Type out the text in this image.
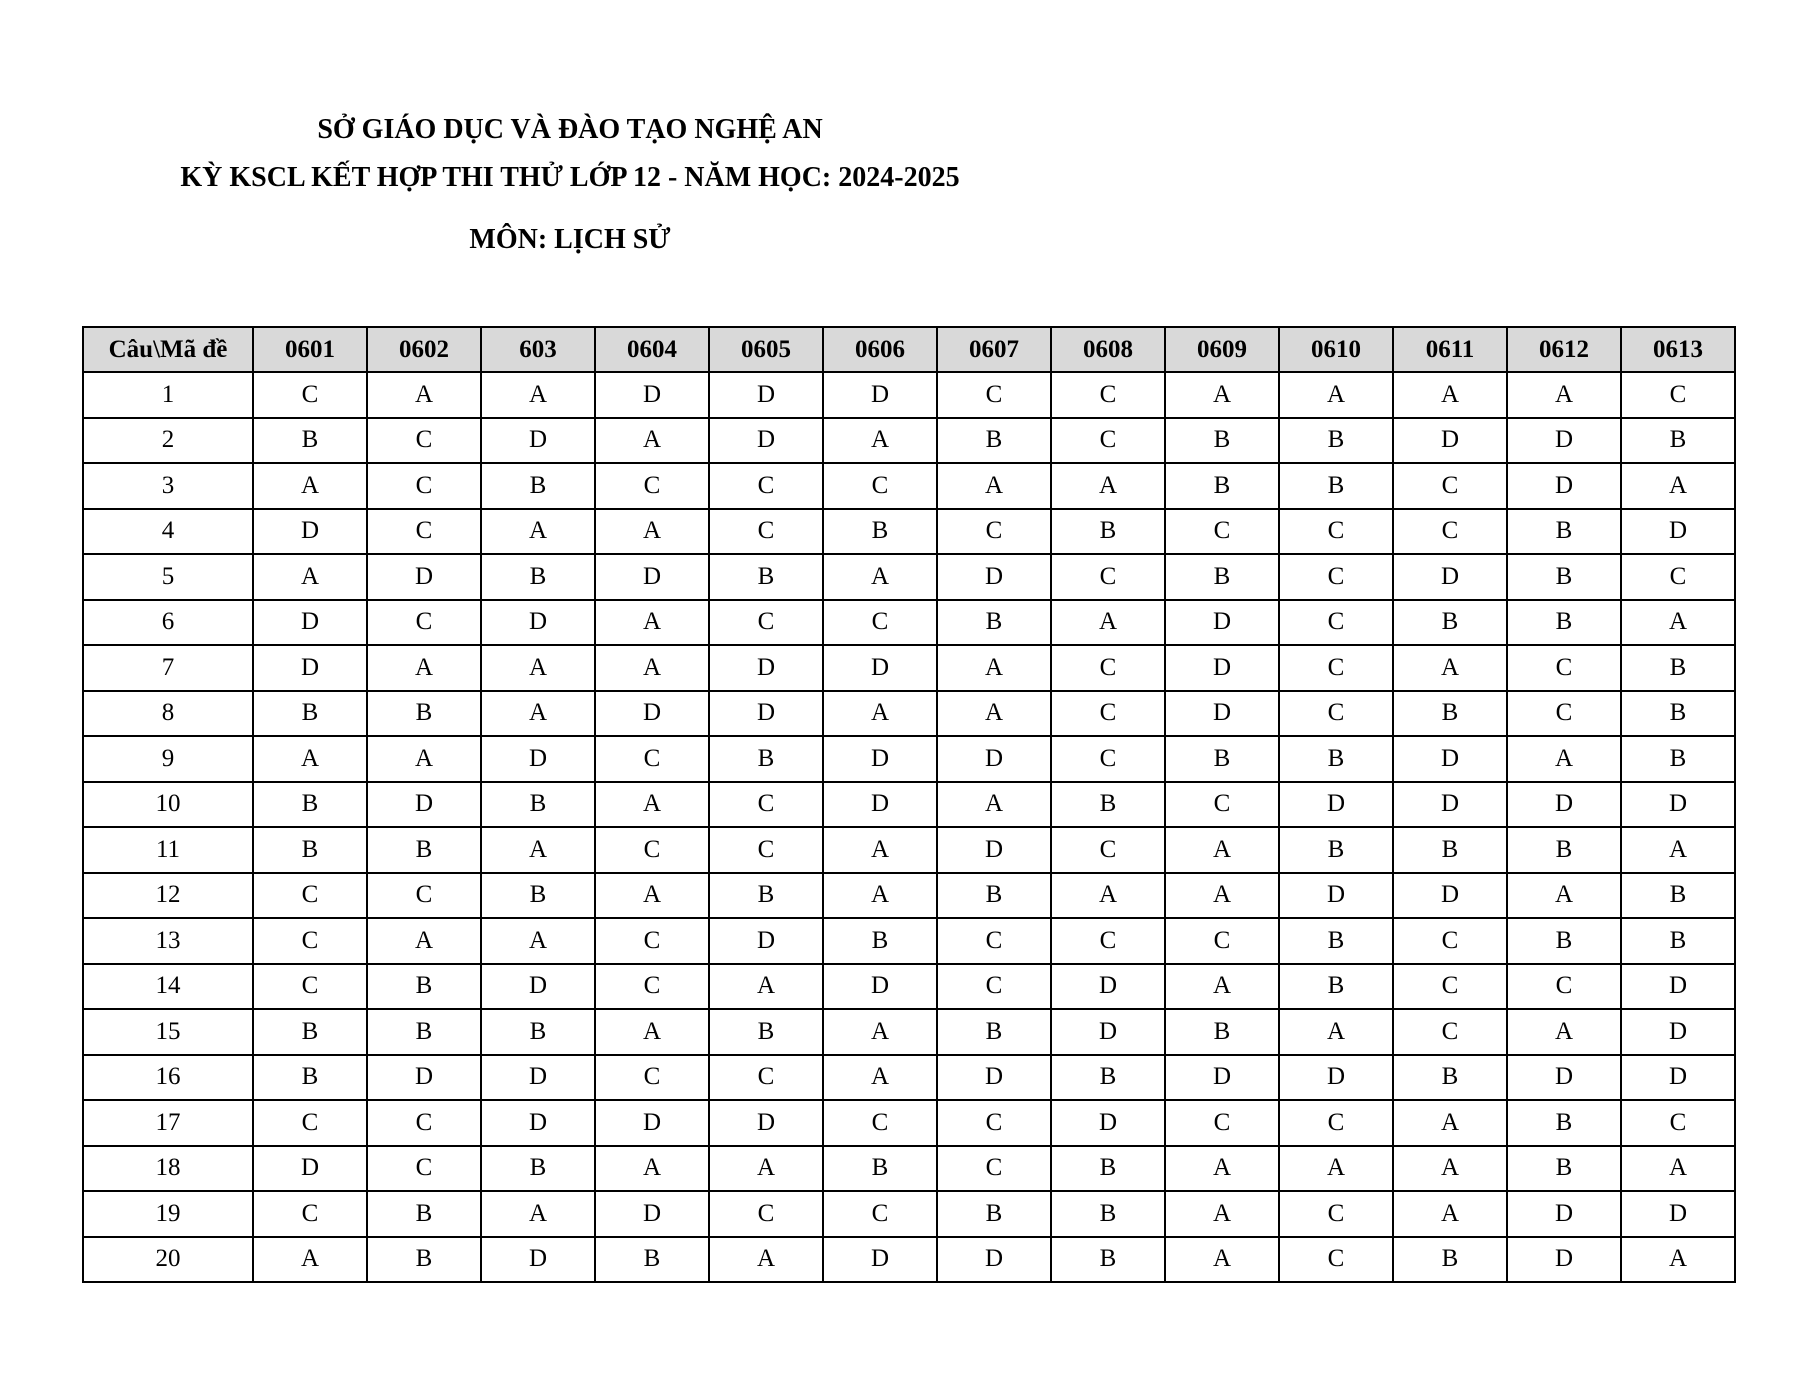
SỞ GIÁO DỤC VÀ ĐÀO TẠO NGHỆ AN
KỲ KSCL KẾT HỢP THI THỬ LỚP 12 - NĂM HỌC: 2024-2025
MÔN: LỊCH SỬ
Câu\Mã đề	0601	0602	603	0604	0605	0606	0607	0608	0609	0610	0611	0612	0613
1	C	A	A	D	D	D	C	C	A	A	A	A	C
2	B	C	D	A	D	A	B	C	B	B	D	D	B
3	A	C	B	C	C	C	A	A	B	B	C	D	A
4	D	C	A	A	C	B	C	B	C	C	C	B	D
5	A	D	B	D	B	A	D	C	B	C	D	B	C
6	D	C	D	A	C	C	B	A	D	C	B	B	A
7	D	A	A	A	D	D	A	C	D	C	A	C	B
8	B	B	A	D	D	A	A	C	D	C	B	C	B
9	A	A	D	C	B	D	D	C	B	B	D	A	B
10	B	D	B	A	C	D	A	B	C	D	D	D	D
11	B	B	A	C	C	A	D	C	A	B	B	B	A
12	C	C	B	A	B	A	B	A	A	D	D	A	B
13	C	A	A	C	D	B	C	C	C	B	C	B	B
14	C	B	D	C	A	D	C	D	A	B	C	C	D
15	B	B	B	A	B	A	B	D	B	A	C	A	D
16	B	D	D	C	C	A	D	B	D	D	B	D	D
17	C	C	D	D	D	C	C	D	C	C	A	B	C
18	D	C	B	A	A	B	C	B	A	A	A	B	A
19	C	B	A	D	C	C	B	B	A	C	A	D	D
20	A	B	D	B	A	D	D	B	A	C	B	D	A
